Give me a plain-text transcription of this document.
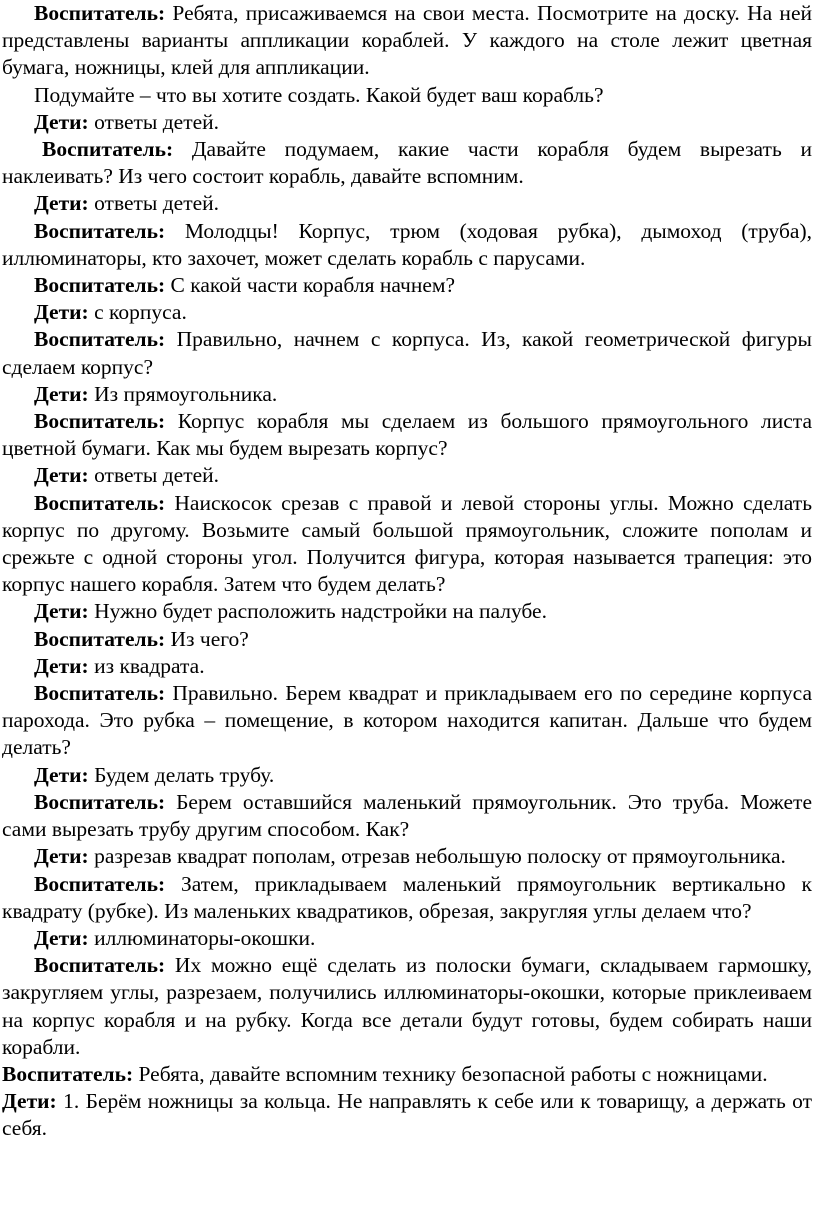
Воспитатель: Ребята, присаживаемся на свои места. Посмотрите на доску. На ней представлены варианты аппликации кораблей. У каждого на столе лежит цветная бумага, ножницы, клей для аппликации.

Подумайте – что вы хотите создать. Какой будет ваш корабль?

Дети: ответы детей.

Воспитатель: Давайте подумаем, какие части корабля будем вырезать и наклеивать? Из чего состоит корабль, давайте вспомним.

Дети: ответы детей.

Воспитатель: Молодцы! Корпус, трюм (ходовая рубка), дымоход (труба), иллюминаторы, кто захочет, может сделать корабль с парусами.

Воспитатель: С какой части корабля начнем?

Дети: с корпуса.

Воспитатель: Правильно, начнем с корпуса. Из, какой геометрической фигуры сделаем корпус?

Дети: Из прямоугольника.

Воспитатель: Корпус корабля мы сделаем из большого прямоугольного листа цветной бумаги. Как мы будем вырезать корпус?

Дети: ответы детей.

Воспитатель: Наискосок срезав с правой и левой стороны углы. Можно сделать корпус по другому. Возьмите самый большой прямоугольник, сложите пополам и срежьте с одной стороны угол. Получится фигура, которая называется трапеция: это корпус нашего корабля. Затем что будем делать?

Дети: Нужно будет расположить надстройки на палубе.

Воспитатель: Из чего?

Дети: из квадрата.

Воспитатель: Правильно. Берем квадрат и прикладываем его по середине корпуса парохода. Это рубка – помещение, в котором находится капитан. Дальше что будем делать?

Дети: Будем делать трубу.

Воспитатель: Берем оставшийся маленький прямоугольник. Это труба. Можете сами вырезать трубу другим способом. Как?

Дети: разрезав квадрат пополам, отрезав небольшую полоску от прямоугольника.

Воспитатель: Затем, прикладываем маленький прямоугольник вертикально к квадрату (рубке). Из маленьких квадратиков, обрезая, закругляя углы делаем что?

Дети: иллюминаторы-окошки.

Воспитатель: Их можно ещё сделать из полоски бумаги, складываем гармошку, закругляем углы, разрезаем, получились иллюминаторы-окошки, которые приклеиваем на корпус корабля и на рубку. Когда все детали будут готовы, будем собирать наши корабли.

Воспитатель: Ребята, давайте вспомним технику безопасной работы с ножницами.

Дети: 1. Берём ножницы за кольца. Не направлять к себе или к товарищу, а держать от себя.
